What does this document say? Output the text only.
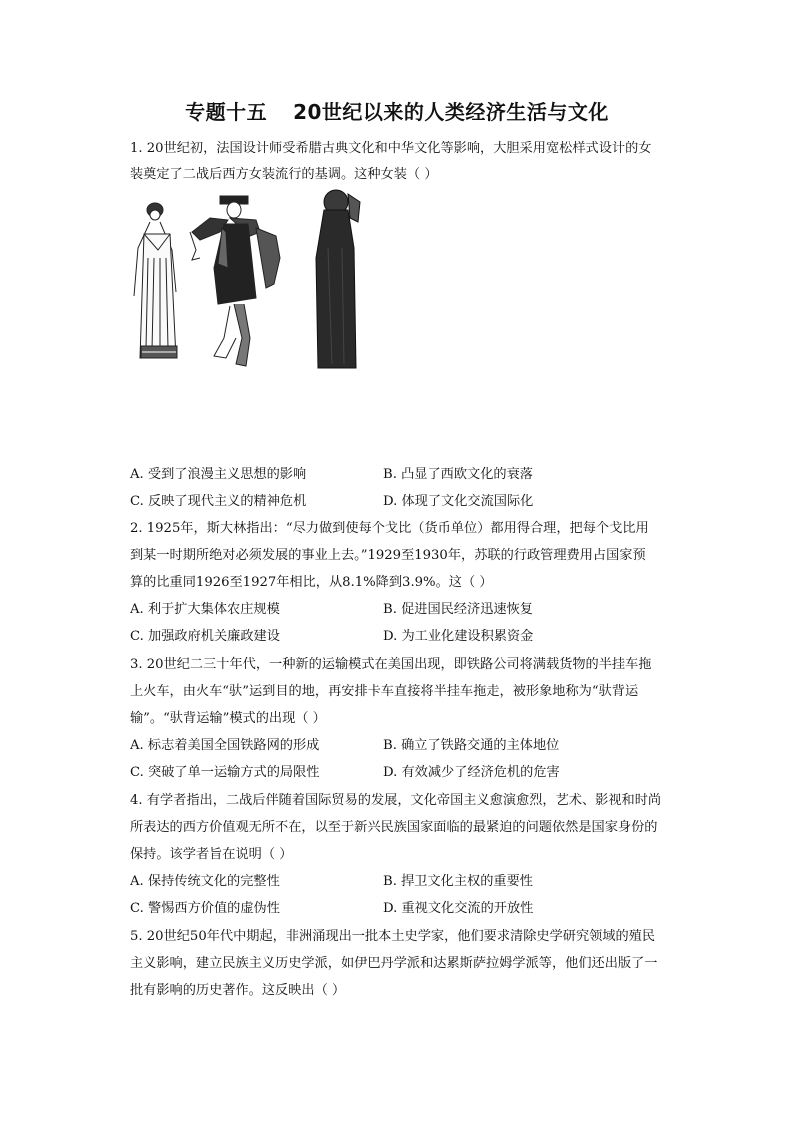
专题十五 20世纪以来的人类经济生活与文化
1. 20世纪初，法国设计师受希腊古典文化和中华文化等影响，大胆采用宽松样式设计的女
装奠定了二战后西方女装流行的基调。这种女装（ ）
A. 受到了浪漫主义思想的影响	B. 凸显了西欧文化的衰落
C. 反映了现代主义的精神危机	D. 体现了文化交流国际化
2. 1925年，斯大林指出：“尽力做到使每个戈比（货币单位）都用得合理，把每个戈比用
到某一时期所绝对必须发展的事业上去。”1929至1930年，苏联的行政管理费用占国家预
算的比重同1926至1927年相比，从8.1%降到3.9%。这（ ）
A. 利于扩大集体农庄规模	B. 促进国民经济迅速恢复
C. 加强政府机关廉政建设	D. 为工业化建设积累资金
3. 20世纪二三十年代，一种新的运输模式在美国出现，即铁路公司将满载货物的半挂车拖
上火车，由火车“驮”运到目的地，再安排卡车直接将半挂车拖走，被形象地称为“驮背运
输”。“驮背运输”模式的出现（ ）
A. 标志着美国全国铁路网的形成	B. 确立了铁路交通的主体地位
C. 突破了单一运输方式的局限性	D. 有效减少了经济危机的危害
4. 有学者指出，二战后伴随着国际贸易的发展，文化帝国主义愈演愈烈，艺术、影视和时尚
所表达的西方价值观无所不在，以至于新兴民族国家面临的最紧迫的问题依然是国家身份的
保持。该学者旨在说明（ ）
A. 保持传统文化的完整性	B. 捍卫文化主权的重要性
C. 警惕西方价值的虚伪性	D. 重视文化交流的开放性
5. 20世纪50年代中期起，非洲涌现出一批本土史学家，他们要求清除史学研究领域的殖民
主义影响，建立民族主义历史学派，如伊巴丹学派和达累斯萨拉姆学派等，他们还出版了一
批有影响的历史著作。这反映出（ ）
